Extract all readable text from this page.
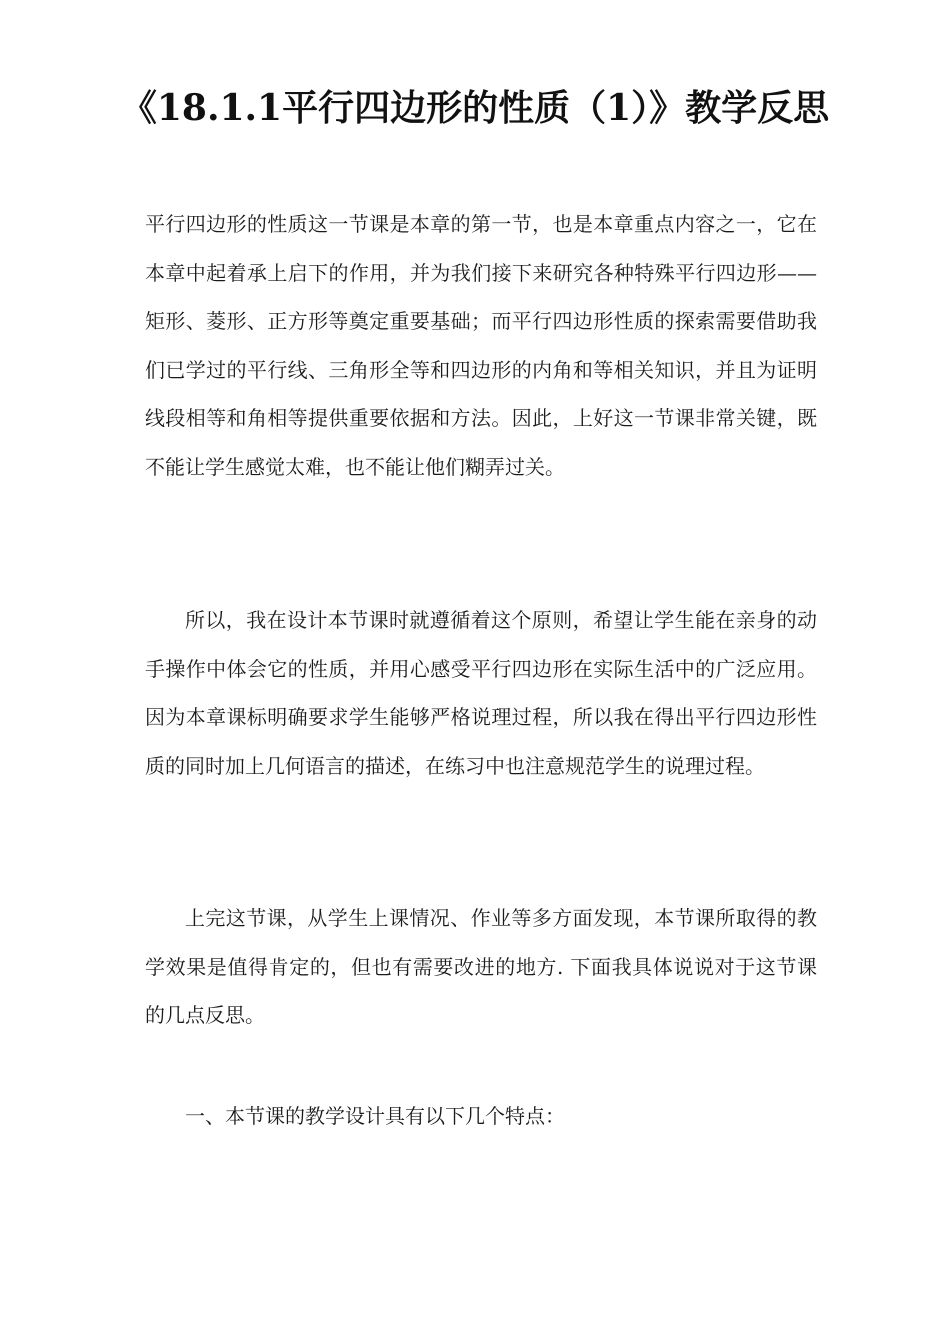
《18.1.1平行四边形的性质（1）》教学反思

平行四边形的性质这一节课是本章的第一节，也是本章重点内容之一，它在本章中起着承上启下的作用，并为我们接下来研究各种特殊平行四边形——矩形、菱形、正方形等奠定重要基础；而平行四边形性质的探索需要借助我们已学过的平行线、三角形全等和四边形的内角和等相关知识，并且为证明线段相等和角相等提供重要依据和方法。因此，上好这一节课非常关键，既不能让学生感觉太难，也不能让他们糊弄过关。

所以，我在设计本节课时就遵循着这个原则，希望让学生能在亲身的动手操作中体会它的性质，并用心感受平行四边形在实际生活中的广泛应用。因为本章课标明确要求学生能够严格说理过程，所以我在得出平行四边形性质的同时加上几何语言的描述，在练习中也注意规范学生的说理过程。

上完这节课，从学生上课情况、作业等多方面发现，本节课所取得的教学效果是值得肯定的，但也有需要改进的地方. 下面我具体说说对于这节课的几点反思。

一、本节课的教学设计具有以下几个特点：
